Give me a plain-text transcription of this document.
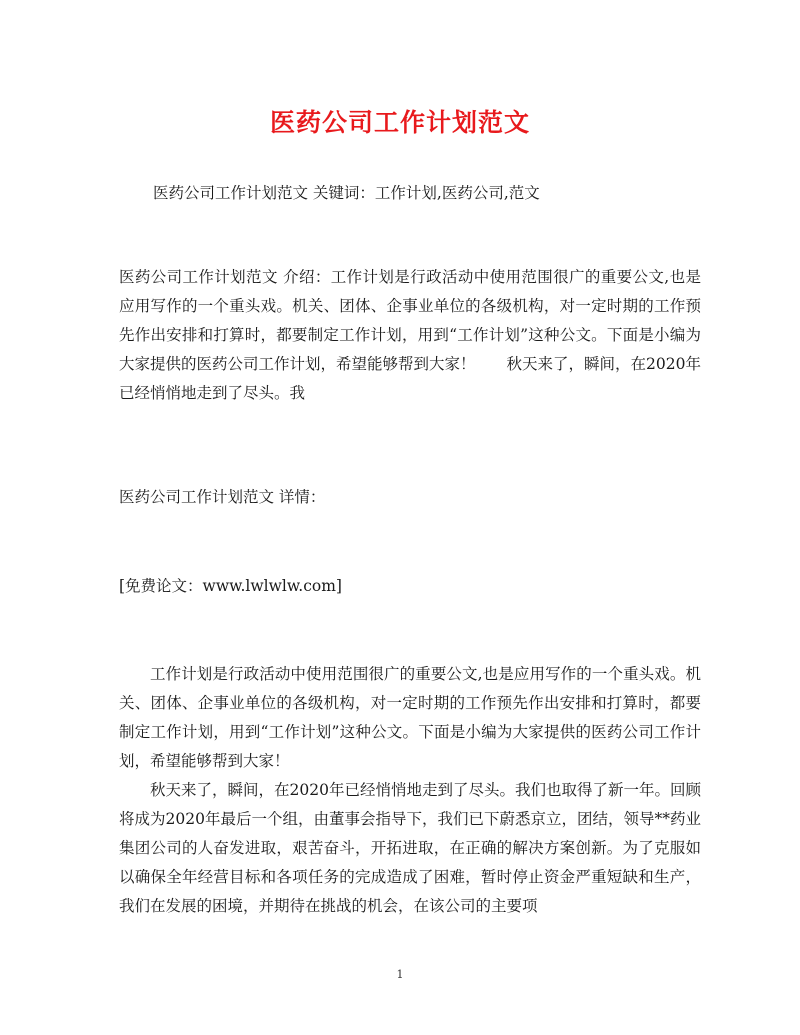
医药公司工作计划范文
医药公司工作计划范文 关键词：工作计划,医药公司,范文
医药公司工作计划范文 介绍：工作计划是行政活动中使用范围很广的重要公文,也是应用写作的一个重头戏。机关、团体、企事业单位的各级机构，对一定时期的工作预先作出安排和打算时，都要制定工作计划，用到“工作计划”这种公文。下面是小编为大家提供的医药公司工作计划，希望能够帮到大家！　　秋天来了，瞬间，在2020年已经悄悄地走到了尽头。我
医药公司工作计划范文 详情：
[免费论文：www.lwlwlw.com]

工作计划是行政活动中使用范围很广的重要公文,也是应用写作的一个重头戏。机关、团体、企事业单位的各级机构，对一定时期的工作预先作出安排和打算时，都要制定工作计划，用到“工作计划”这种公文。下面是小编为大家提供的医药公司工作计划，希望能够帮到大家！

秋天来了，瞬间，在2020年已经悄悄地走到了尽头。我们也取得了新一年。回顾将成为2020年最后一个组，由董事会指导下，我们已下蔚悉京立，团结，领导**药业集团公司的人奋发进取，艰苦奋斗，开拓进取，在正确的解决方案创新。为了克服如以确保全年经营目标和各项任务的完成造成了困难，暂时停止资金严重短缺和生产，我们在发展的困境，并期待在挑战的机会，在该公司的主要项

1
